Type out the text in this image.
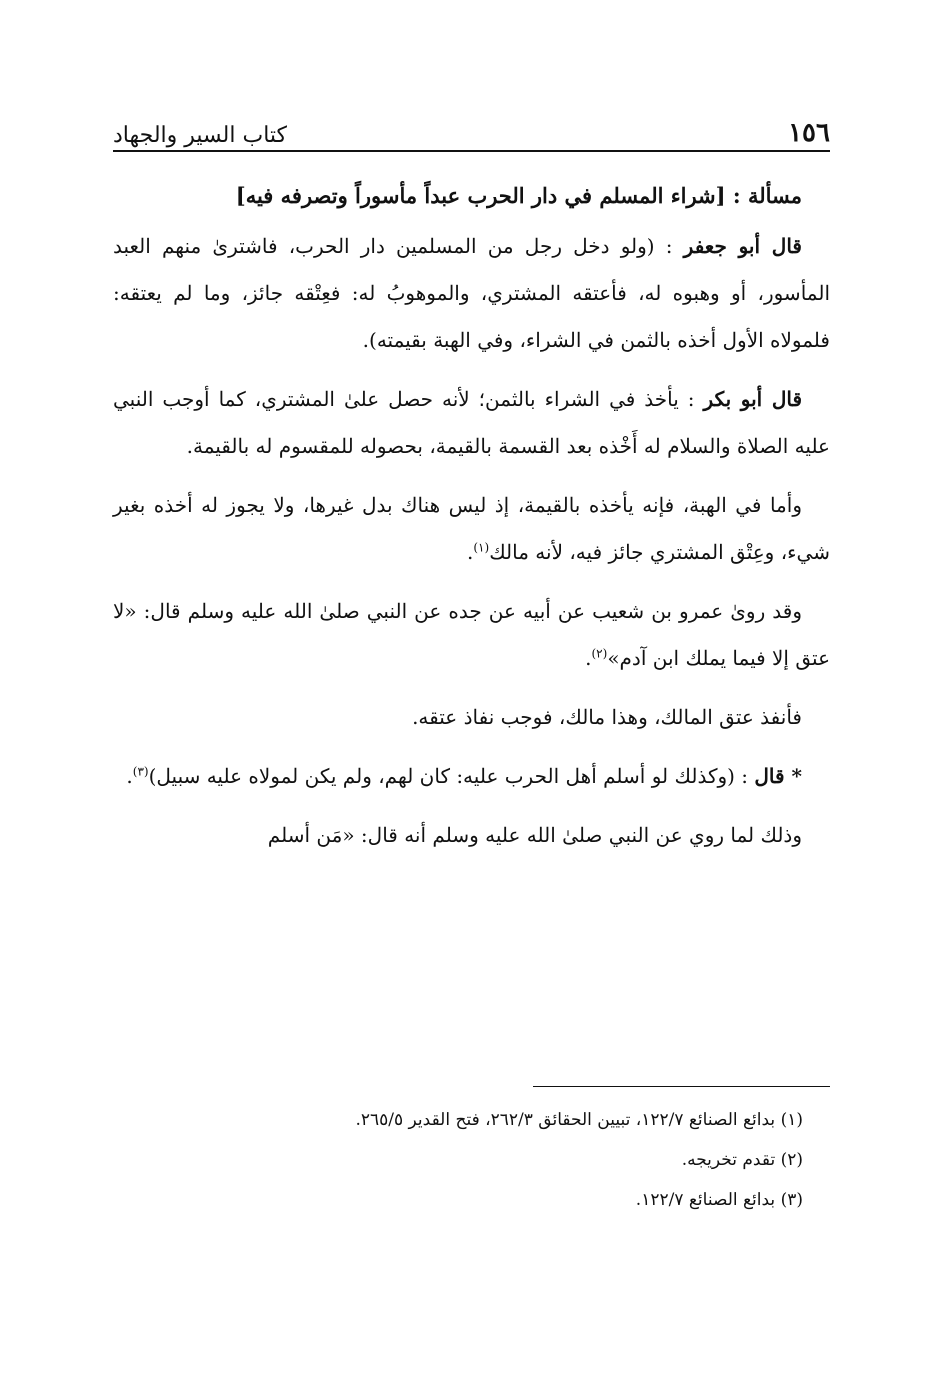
١٥٦
كتاب السير والجهاد

مسألة : [شراء المسلم في دار الحرب عبداً مأسوراً وتصرفه فيه]

قال أبو جعفر : (ولو دخل رجل من المسلمين دار الحرب، فاشترىٰ منهم العبد المأسور، أو وهبوه له، فأعتقه المشتري، والموهوبُ له: فعِتْقه جائز، وما لم يعتقه: فلمولاه الأول أخذه بالثمن في الشراء، وفي الهبة بقيمته).

قال أبو بكر : يأخذ في الشراء بالثمن؛ لأنه حصل علىٰ المشتري، كما أوجب النبي عليه الصلاة والسلام له أَخْذه بعد القسمة بالقيمة، بحصوله للمقسوم له بالقيمة.

وأما في الهبة، فإنه يأخذه بالقيمة، إذ ليس هناك بدل غيرها، ولا يجوز له أخذه بغير شيء، وعِتْق المشتري جائز فيه، لأنه مالك$^{(١)}$.

وقد روىٰ عمرو بن شعيب عن أبيه عن جده عن النبي صلىٰ الله عليه وسلم قال: «لا عتق إلا فيما يملك ابن آدم»$^{(٢)}$.

فأنفذ عتق المالك، وهذا مالك، فوجب نفاذ عتقه.

* قال : (وكذلك لو أسلم أهل الحرب عليه: كان لهم، ولم يكن لمولاه عليه سبيل)$^{(٣)}$.

وذلك لما روي عن النبي صلىٰ الله عليه وسلم أنه قال: «مَن أسلم

(١) بدائع الصنائع ١٢٢/٧، تبيين الحقائق ٢٦٢/٣، فتح القدير ٢٦٥/٥.
(٢) تقدم تخريجه.
(٣) بدائع الصنائع ١٢٢/٧.
